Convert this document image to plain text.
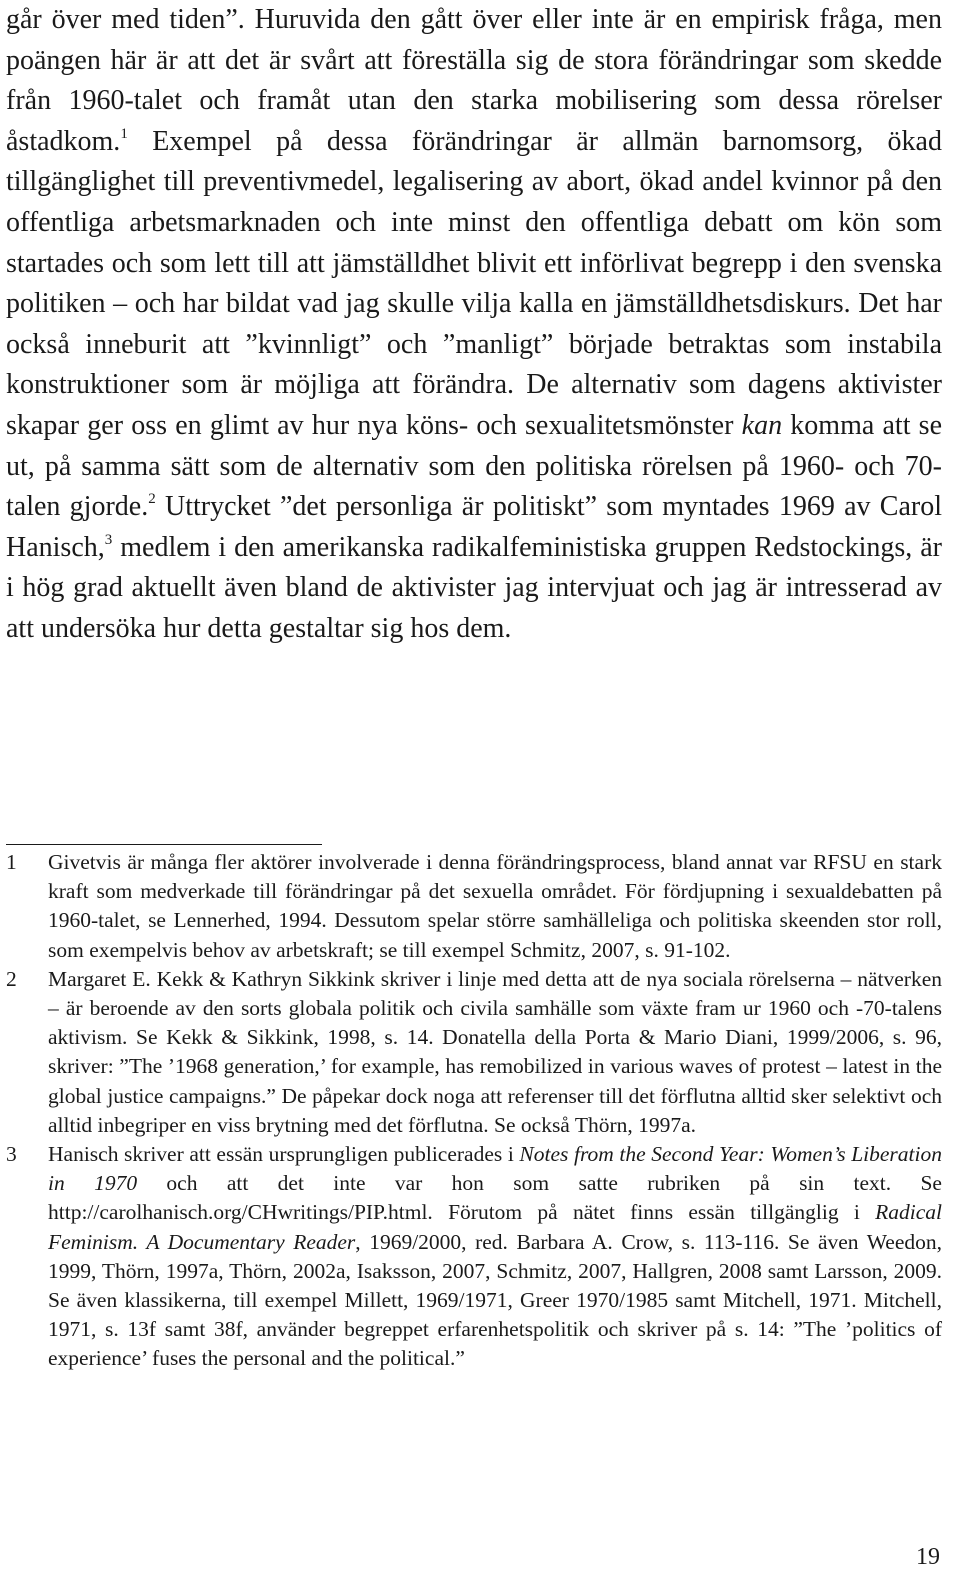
går över med tiden”. Huruvida den gått över eller inte är en empirisk fråga, men poängen här är att det är svårt att föreställa sig de stora förändringar som skedde från 1960-talet och framåt utan den starka mobilisering som dessa rörelser åstadkom.$^1$ Exempel på dessa förändringar är allmän barnomsorg, ökad tillgänglighet till preventivmedel, legalisering av abort, ökad andel kvinnor på den offentliga arbetsmarknaden och inte minst den offentliga debatt om kön som startades och som lett till att jämställdhet blivit ett införlivat begrepp i den svenska politiken – och har bildat vad jag skulle vilja kalla en jämställdhetsdiskurs. Det har också inneburit att ”kvinnligt” och ”manligt” började betraktas som instabila konstruktioner som är möjliga att förändra. De alternativ som dagens aktivister skapar ger oss en glimt av hur nya köns- och sexualitetsmönster kan komma att se ut, på samma sätt som de alternativ som den politiska rörelsen på 1960- och 70-talen gjorde.$^2$ Uttrycket ”det personliga är politiskt” som myntades 1969 av Carol Hanisch,$^3$ medlem i den amerikanska radikalfeministiska gruppen Redstockings, är i hög grad aktuellt även bland de aktivister jag intervjuat och jag är intresserad av att undersöka hur detta gestaltar sig hos dem.

1	Givetvis är många fler aktörer involverade i denna förändringsprocess, bland annat var RFSU en stark kraft som medverkade till förändringar på det sexuella området. För fördjupning i sexualdebatten på 1960-talet, se Lennerhed, 1994. Dessutom spelar större samhälleliga och politiska skeenden stor roll, som exempelvis behov av arbetskraft; se till exempel Schmitz, 2007, s. 91-102.
2	Margaret E. Kekk & Kathryn Sikkink skriver i linje med detta att de nya sociala rörelserna – nätverken – är beroende av den sorts globala politik och civila samhälle som växte fram ur 1960 och -70-talens aktivism. Se Kekk & Sikkink, 1998, s. 14. Donatella della Porta & Mario Diani, 1999/2006, s. 96, skriver: ”The ’1968 generation,’ for example, has remobilized in various waves of protest – latest in the global justice campaigns.” De påpekar dock noga att referenser till det förflutna alltid sker selektivt och alltid inbegriper en viss brytning med det förflutna. Se också Thörn, 1997a.
3	Hanisch skriver att essän ursprungligen publicerades i Notes from the Second Year: Women’s Liberation in 1970 och att det inte var hon som satte rubriken på sin text. Se http://carolhanisch.org/CHwritings/PIP.html. Förutom på nätet finns essän tillgänglig i Radical Feminism. A Documentary Reader, 1969/2000, red. Barbara A. Crow, s. 113-116. Se även Weedon, 1999, Thörn, 1997a, Thörn, 2002a, Isaksson, 2007, Schmitz, 2007, Hallgren, 2008 samt Larsson, 2009. Se även klassikerna, till exempel Millett, 1969/1971, Greer 1970/1985 samt Mitchell, 1971. Mitchell, 1971, s. 13f samt 38f, använder begreppet erfarenhetspolitik och skriver på s. 14: ”The ’politics of experience’ fuses the personal and the political.”
19
